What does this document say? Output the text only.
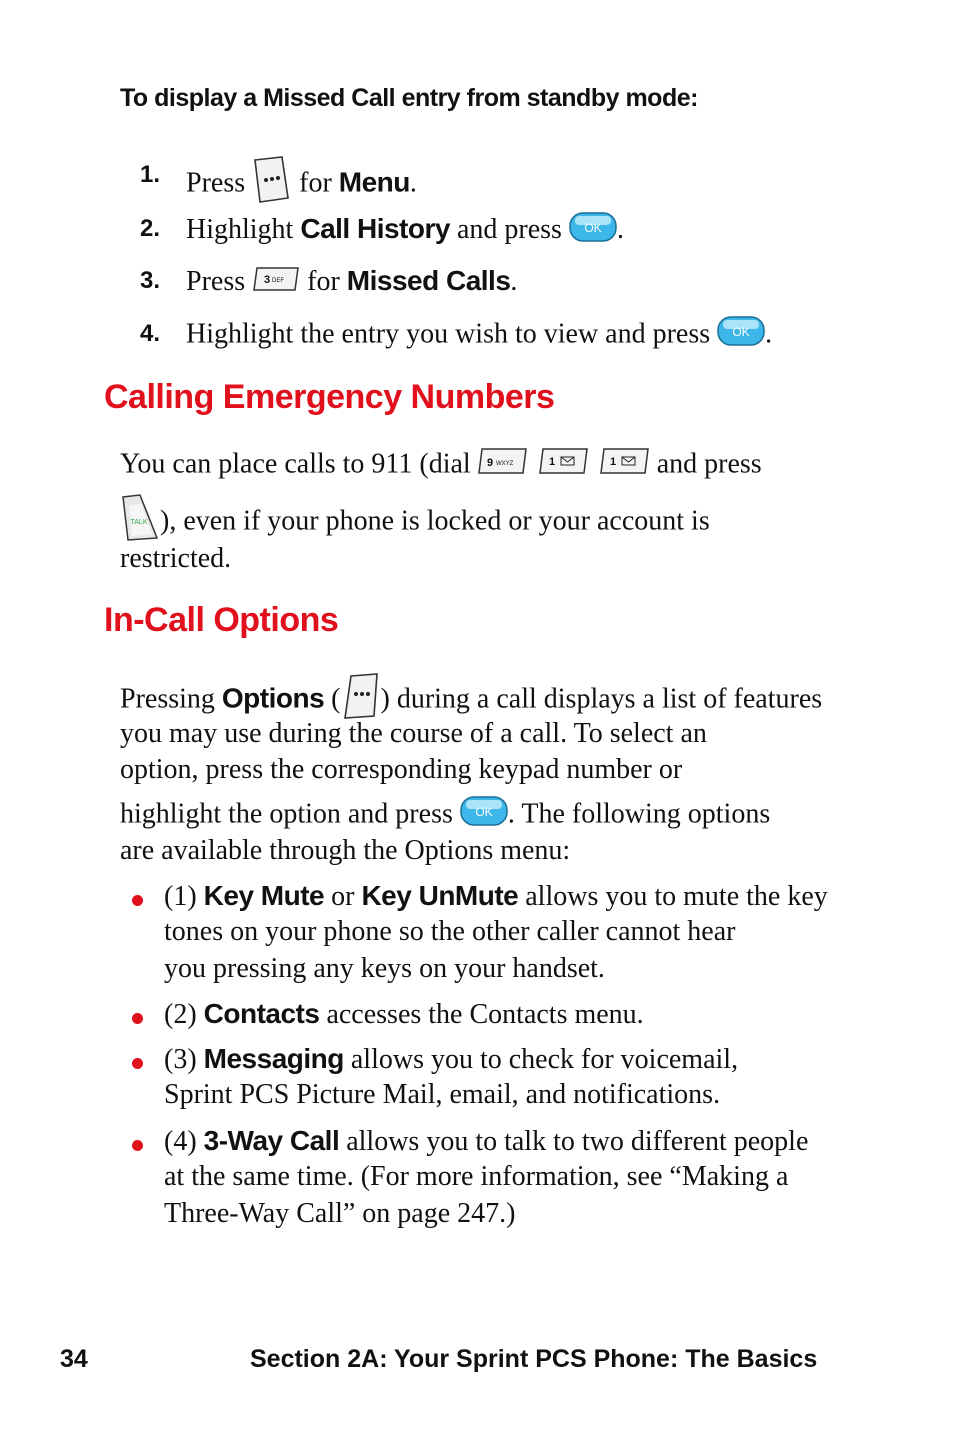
To display a Missed Call entry from standby mode:
1. Press for Menu.
2. Highlight Call History and press OK .
3. Press 3 DEF for Missed Calls.
4. Highlight the entry you wish to view and press OK .
Calling Emergency Numbers
You can place calls to 911 (dial 9 WXYZ
	1
	1 and press
TALK ), even if your phone is locked or your account is
restricted.
In-Call Options
Pressing Options ( ) during a call displays a list of features
you may use during the course of a call. To select an
option, press the corresponding keypad number or
highlight the option and press OK . The following options
are available through the Options menu:
(1) Key Mute or Key UnMute allows you to mute the key
tones on your phone so the other caller cannot hear
you pressing any keys on your handset.
(2) Contacts accesses the Contacts menu.
(3) Messaging allows you to check for voicemail,
Sprint PCS Picture Mail, email, and notifications.
(4) 3-Way Call allows you to talk to two different people
at the same time. (For more information, see “Making a
Three-Way Call” on page 247.)
34	Section 2A: Your Sprint PCS Phone: The Basics
